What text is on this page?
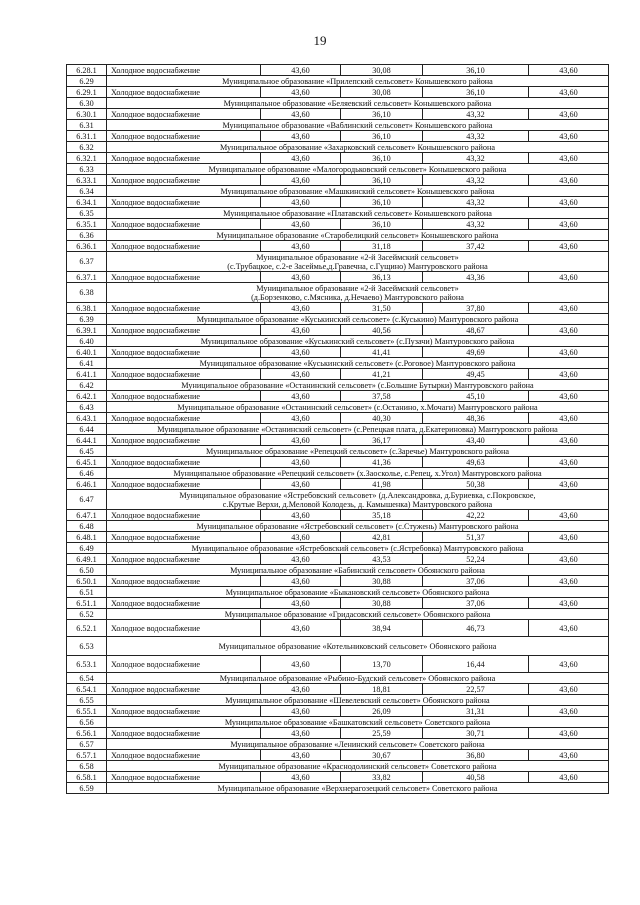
19
6.28.1	Холодное водоснабжение	43,60	30,08	36,10	43,60
6.29	Муниципальное образование «Прилепский сельсовет» Конышевского района				

6.29.1	Холодное водоснабжение	43,60	30,08	36,10	43,60
6.30	Муниципальное образование «Беляевский сельсовет» Конышевского района				

6.30.1	Холодное водоснабжение	43,60	36,10	43,32	43,60
6.31	Муниципальное образование «Ваблинский сельсовет» Конышевского района				

6.31.1	Холодное водоснабжение	43,60	36,10	43,32	43,60
6.32	Муниципальное образование «Захарковский сельсовет» Конышевского района				

6.32.1	Холодное водоснабжение	43,60	36,10	43,32	43,60
6.33	Муниципальное образование «Малогородьковский сельсовет» Конышевского района				

6.33.1	Холодное водоснабжение	43,60	36,10	43,32	43,60
6.34	Муниципальное образование «Машкинский сельсовет» Конышевского района				

6.34.1	Холодное водоснабжение	43,60	36,10	43,32	43,60
6.35	Муниципальное образование «Платавский сельсовет» Конышевского района				

6.35.1	Холодное водоснабжение	43,60	36,10	43,32	43,60
6.36	Муниципальное образование «Старобелицкий сельсовет» Конышевского района				

6.36.1	Холодное водоснабжение	43,60	31,18	37,42	43,60
6.37	Муниципальное образование «2-й Засеймский сельсовет»
(с.Трубацкое, с.2-е Засеймье,д.Гравечна, с.Гущино) Мантуровского района				

6.37.1	Холодное водоснабжение	43,60	36,13	43,36	43,60
6.38	Муниципальное образование «2-й Засеймский сельсовет»
(д.Борзенково, с.Мясника, д.Нечаево) Мантуровского района				

6.38.1	Холодное водоснабжение	43,60	31,50	37,80	43,60
6.39	Муниципальное образование «Куськинский сельсовет» (с.Куськино) Мантуровского района				

6.39.1	Холодное водоснабжение	43,60	40,56	48,67	43,60
6.40	Муниципальное образование «Куськинский сельсовет» (с.Пузачи) Мантуровского района				

6.40.1	Холодное водоснабжение	43,60	41,41	49,69	43,60
6.41	Муниципальное образование «Куськинский сельсовет» (с.Роговое) Мантуровского района				

6.41.1	Холодное водоснабжение	43,60	41,21	49,45	43,60
6.42	Муниципальное образование «Останинский сельсовет» (с.Большие Бутырки) Мантуровского района				

6.42.1	Холодное водоснабжение	43,60	37,58	45,10	43,60
6.43	Муниципальное образование «Останинский сельсовет» (с.Останино, х.Мочаги) Мантуровского района				

6.43.1	Холодное водоснабжение	43,60	40,30	48,36	43,60
6.44	Муниципальное образование «Останинский сельсовет» (с.Репецкая плата, д.Екатериновка) Мантуровского района				

6.44.1	Холодное водоснабжение	43,60	36,17	43,40	43,60
6.45	Муниципальное образование «Репецкий сельсовет» (с.Заречье) Мантуровского района				

6.45.1	Холодное водоснабжение	43,60	41,36	49,63	43,60
6.46	Муниципальное образование «Репецкий сельсовет» (х.Заосколье, с.Репец, х.Угол) Мантуровского района				

6.46.1	Холодное водоснабжение	43,60	41,98	50,38	43,60
6.47	Муниципальное образование «Ястребовский сельсовет» (д.Александровка, д.Буриевка, с.Покровское,
с.Крутые Верхи, д.Меловой Колодезь, д. Камышенка) Мантуровского района				

6.47.1	Холодное водоснабжение	43,60	35,18	42,22	43,60
6.48	Муниципальное образование «Ястребовский сельсовет» (с.Стужень) Мантуровского района				

6.48.1	Холодное водоснабжение	43,60	42,81	51,37	43,60
6.49	Муниципальное образование «Ястребовский сельсовет» (с.Ястребовка) Мантуровского района				

6.49.1	Холодное водоснабжение	43,60	43,53	52,24	43,60
6.50	Муниципальное образование «Бабинский сельсовет» Обоянского района				

6.50.1	Холодное водоснабжение	43,60	30,88	37,06	43,60
6.51	Муниципальное образование «Быкановский сельсовет» Обоянского района				

6.51.1	Холодное водоснабжение	43,60	30,88	37,06	43,60
6.52	Муниципальное образование «Гридасовский сельсовет» Обоянского района				

6.52.1	Холодное водоснабжение	43,60	38,94	46,73	43,60
6.53	Муниципальное образование «Котельниковский сельсовет» Обоянского района				

6.53.1	Холодное водоснабжение	43,60	13,70	16,44	43,60
6.54	Муниципальное образование «Рыбино-Будский сельсовет» Обоянского района				

6.54.1	Холодное водоснабжение	43,60	18,81	22,57	43,60
6.55	Муниципальное образование «Шевелевский сельсовет» Обоянского района				

6.55.1	Холодное водоснабжение	43,60	26,09	31,31	43,60
6.56	Муниципальное образование «Башкатовский сельсовет» Советского района				

6.56.1	Холодное водоснабжение	43,60	25,59	30,71	43,60
6.57	Муниципальное образование «Ленинский сельсовет» Советского района				

6.57.1	Холодное водоснабжение	43,60	30,67	36,80	43,60
6.58	Муниципальное образование «Краснодолинский сельсовет» Советского района				

6.58.1	Холодное водоснабжение	43,60	33,82	40,58	43,60
6.59	Муниципальное образование «Верхнерагозецкий сельсовет» Советского района				
